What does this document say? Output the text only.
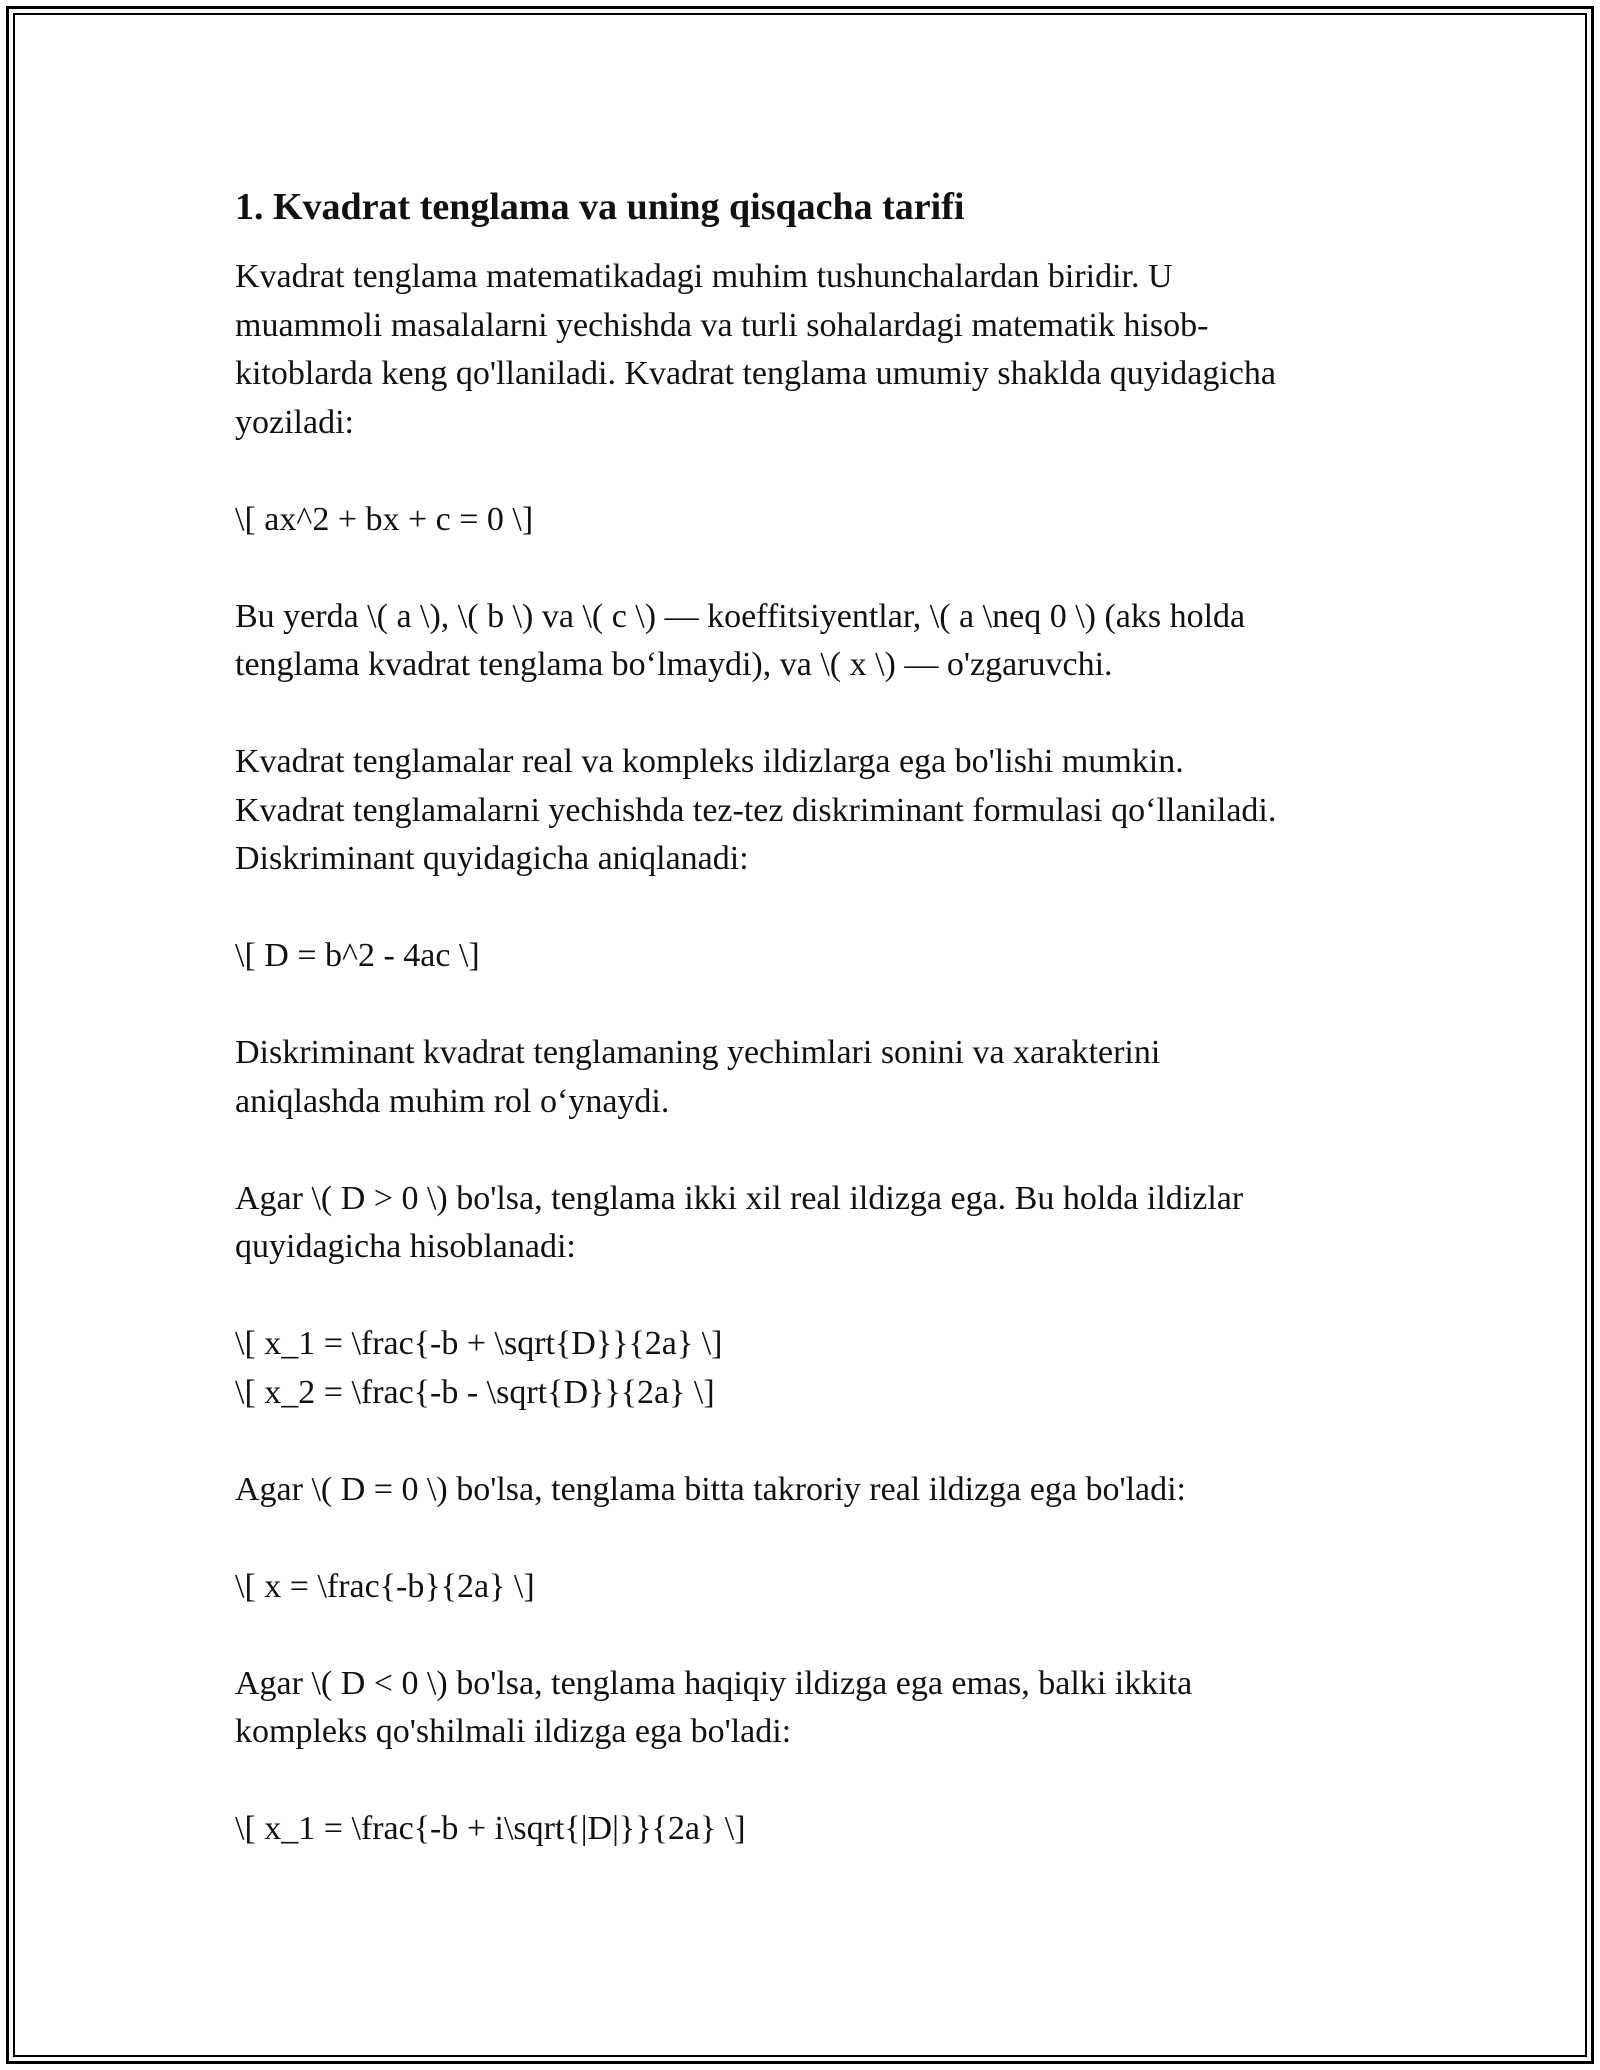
1. Kvadrat tenglama va uning qisqacha tarifi

Kvadrat tenglama matematikadagi muhim tushunchalardan biridir. U
muammoli masalalarni yechishda va turli sohalardagi matematik hisob-
kitoblarda keng qo'llaniladi. Kvadrat tenglama umumiy shaklda quyidagicha
yoziladi:

\[ ax^2 + bx + c = 0 \]

Bu yerda \( a \), \( b \) va \( c \) — koeffitsiyentlar, \( a \neq 0 \) (aks holda
tenglama kvadrat tenglama bo‘lmaydi), va \( x \) — o'zgaruvchi.

Kvadrat tenglamalar real va kompleks ildizlarga ega bo'lishi mumkin.
Kvadrat tenglamalarni yechishda tez-tez diskriminant formulasi qo‘llaniladi.
Diskriminant quyidagicha aniqlanadi:

\[ D = b^2 - 4ac \]

Diskriminant kvadrat tenglamaning yechimlari sonini va xarakterini
aniqlashda muhim rol o‘ynaydi.

Agar \( D > 0 \) bo'lsa, tenglama ikki xil real ildizga ega. Bu holda ildizlar
quyidagicha hisoblanadi:

\[ x_1 = \frac{-b + \sqrt{D}}{2a} \]
\[ x_2 = \frac{-b - \sqrt{D}}{2a} \]

Agar \( D = 0 \) bo'lsa, tenglama bitta takroriy real ildizga ega bo'ladi:

\[ x = \frac{-b}{2a} \]

Agar \( D < 0 \) bo'lsa, tenglama haqiqiy ildizga ega emas, balki ikkita
kompleks qo'shilmali ildizga ega bo'ladi:

\[ x_1 = \frac{-b + i\sqrt{|D|}}{2a} \]
